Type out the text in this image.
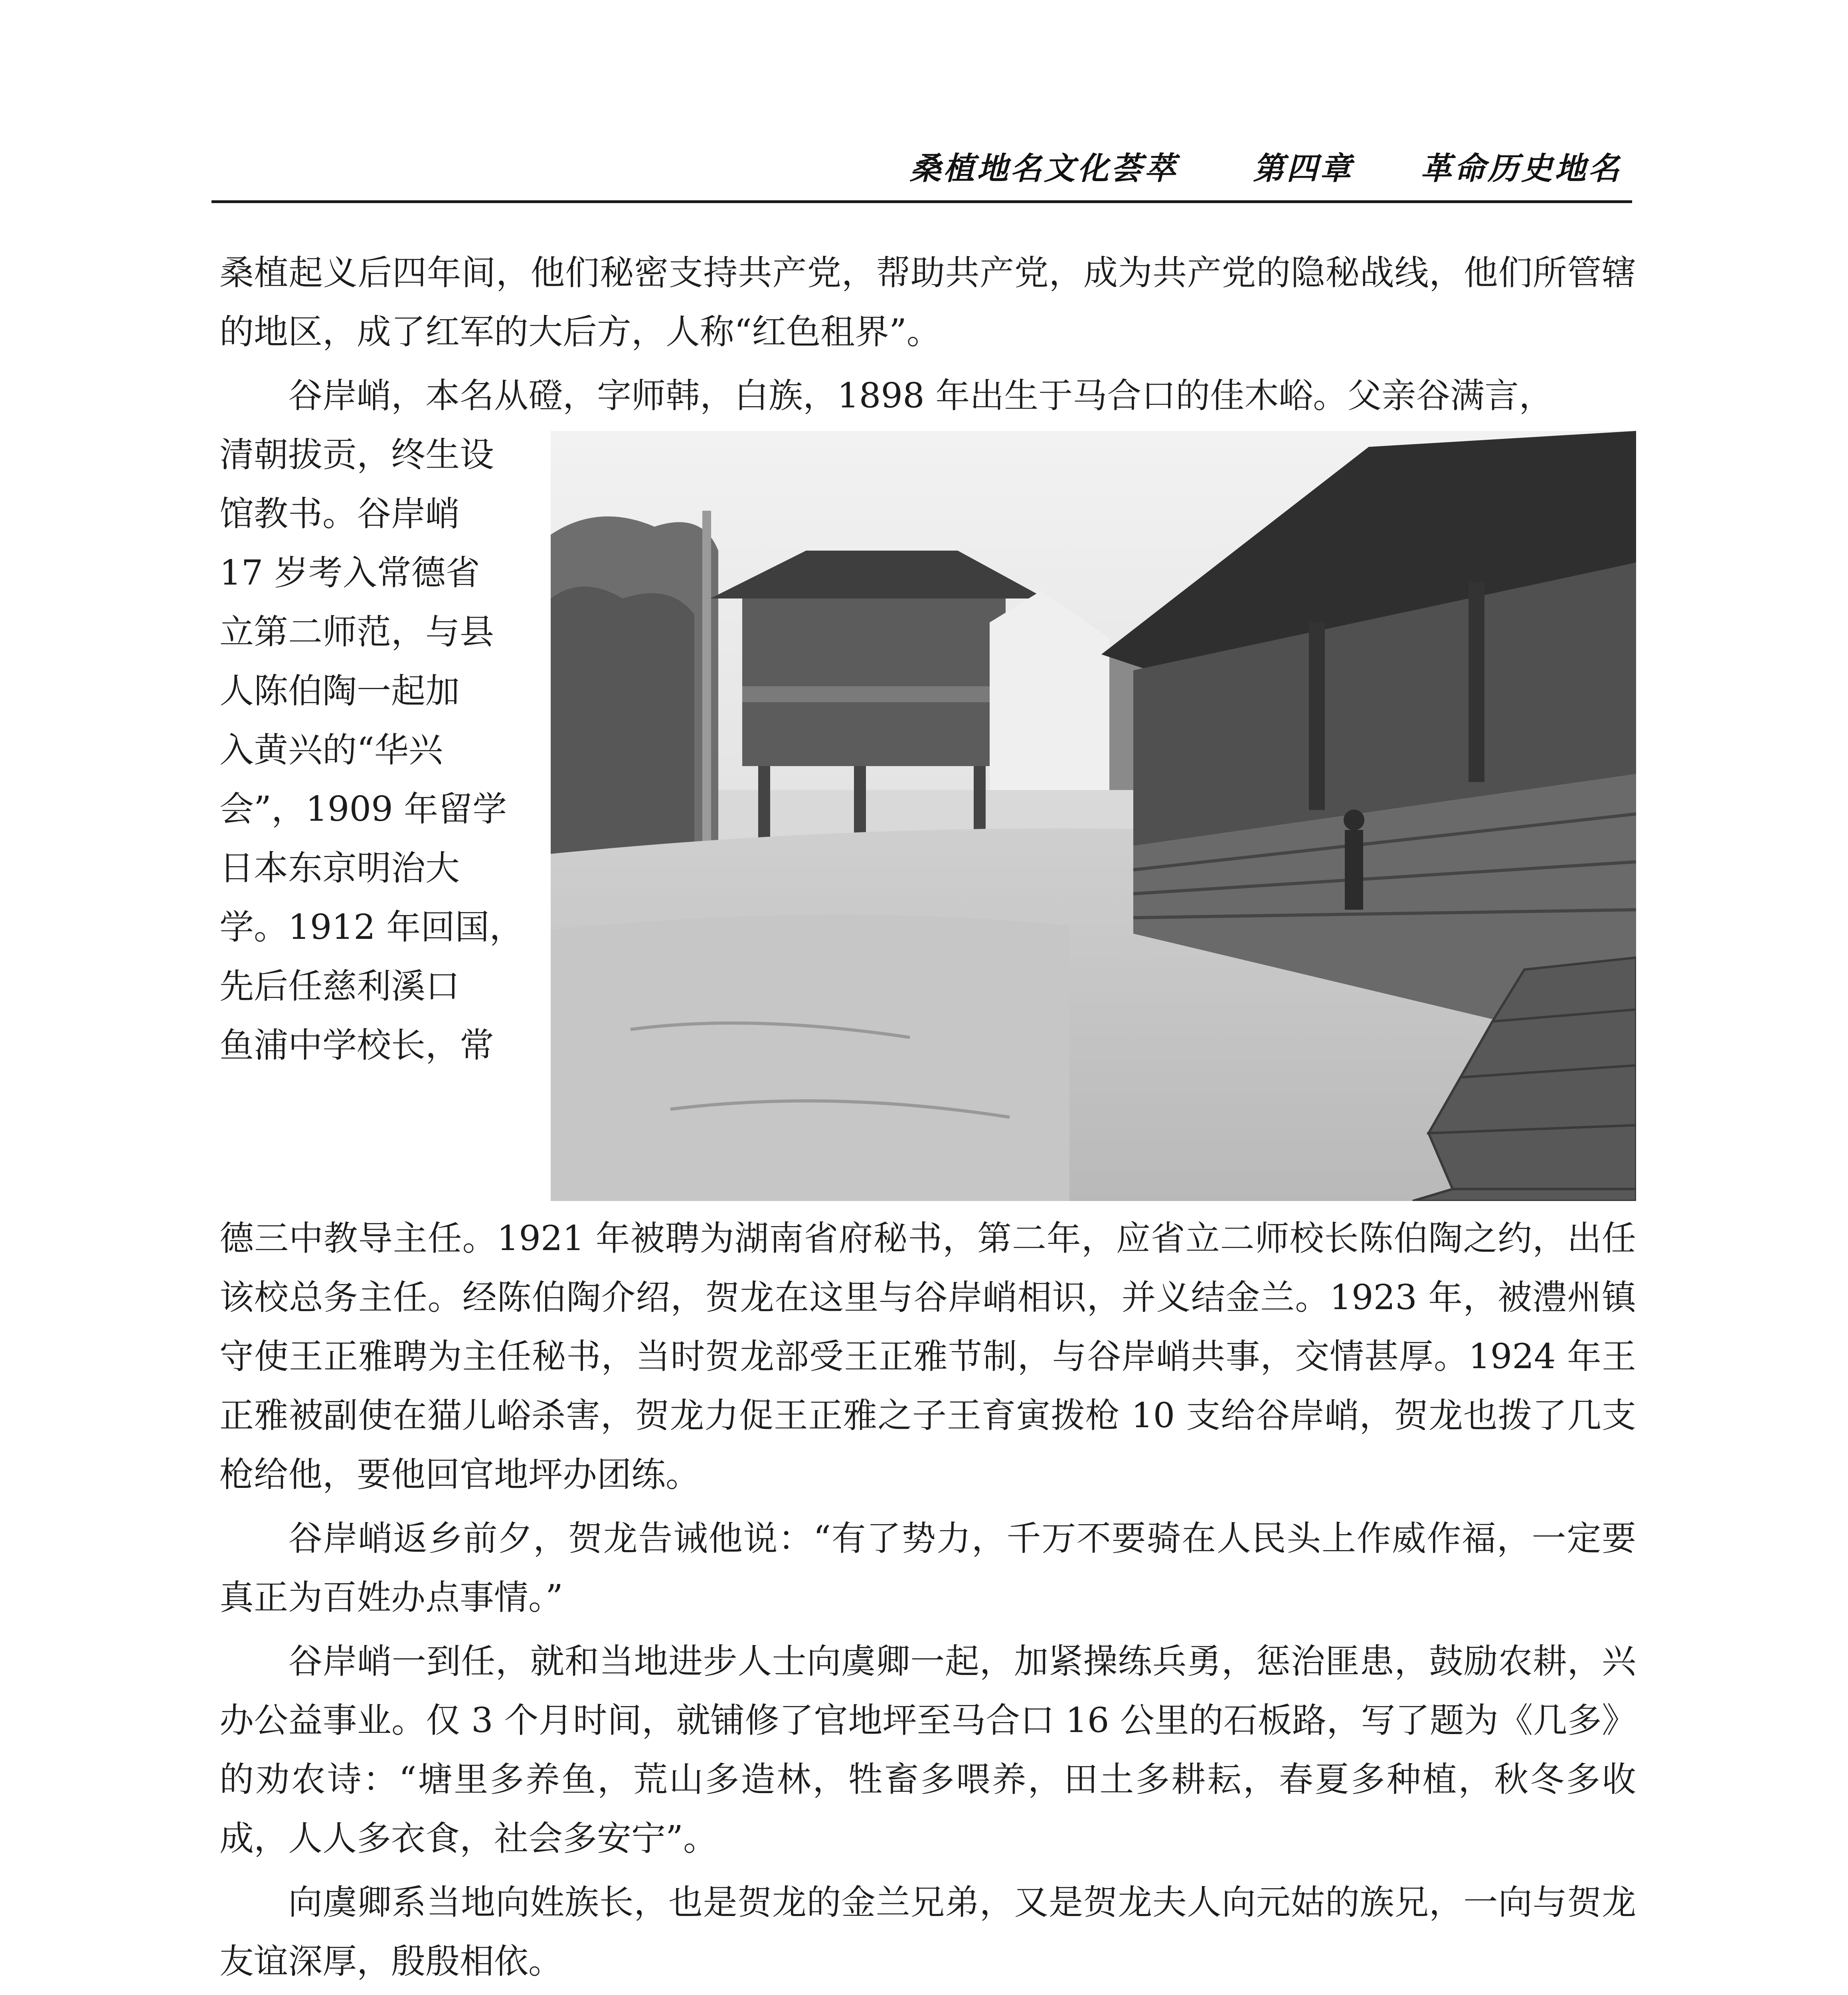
桑植地名文化荟萃 第四章 革命历史地名

桑植起义后四年间，他们秘密支持共产党，帮助共产党，成为共产党的隐秘战线，他们所管辖的地区，成了红军的大后方，人称“红色租界”。

谷岸峭，本名从磴，字师韩，白族，1898 年出生于马合口的佳木峪。父亲谷满言，

清朝拔贡，终生设
馆教书。谷岸峭
17 岁考入常德省
立第二师范，与县
人陈伯陶一起加
入黄兴的“华兴
会”，1909 年留学
日本东京明治大
学。1912 年回国，
先后任慈利溪口
鱼浦中学校长，常

德三中教导主任。1921 年被聘为湖南省府秘书，第二年，应省立二师校长陈伯陶之约，出任该校总务主任。经陈伯陶介绍，贺龙在这里与谷岸峭相识，并义结金兰。1923 年，被澧州镇守使王正雅聘为主任秘书，当时贺龙部受王正雅节制，与谷岸峭共事，交情甚厚。1924 年王正雅被副使在猫儿峪杀害，贺龙力促王正雅之子王育寅拨枪 10 支给谷岸峭，贺龙也拨了几支枪给他，要他回官地坪办团练。

谷岸峭返乡前夕，贺龙告诫他说：“有了势力，千万不要骑在人民头上作威作福，一定要真正为百姓办点事情。”

谷岸峭一到任，就和当地进步人士向虞卿一起，加紧操练兵勇，惩治匪患，鼓励农耕，兴办公益事业。仅 3 个月时间，就铺修了官地坪至马合口 16 公里的石板路，写了题为《几多》的劝农诗：“塘里多养鱼，荒山多造林，牲畜多喂养，田土多耕耘，春夏多种植，秋冬多收成，人人多衣食，社会多安宁”。

向虞卿系当地向姓族长，也是贺龙的金兰兄弟，又是贺龙夫人向元姑的族兄，一向与贺龙友谊深厚，殷殷相依。
